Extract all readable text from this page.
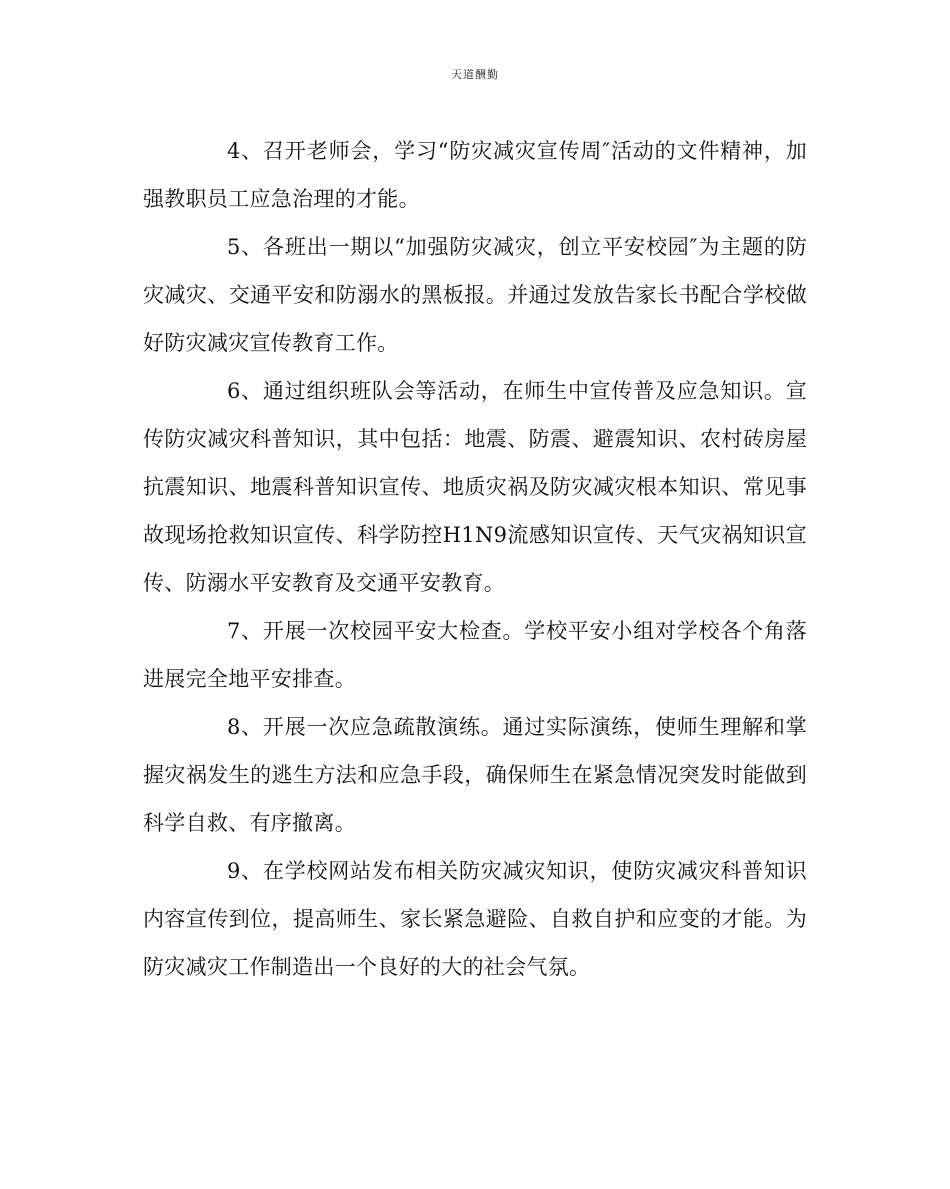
天道酬勤

4、召开老师会，学习“防灾减灾宣传周″活动的文件精神，加强教职员工应急治理的才能。

5、各班出一期以“加强防灾减灾，创立平安校园″为主题的防灾减灾、交通平安和防溺水的黑板报。并通过发放告家长书配合学校做好防灾减灾宣传教育工作。

6、通过组织班队会等活动，在师生中宣传普及应急知识。宣传防灾减灾科普知识，其中包括：地震、防震、避震知识、农村砖房屋抗震知识、地震科普知识宣传、地质灾祸及防灾减灾根本知识、常见事故现场抢救知识宣传、科学防控H1N9流感知识宣传、天气灾祸知识宣传、防溺水平安教育及交通平安教育。

7、开展一次校园平安大检查。学校平安小组对学校各个角落进展完全地平安排查。

8、开展一次应急疏散演练。通过实际演练，使师生理解和掌握灾祸发生的逃生方法和应急手段，确保师生在紧急情况突发时能做到科学自救、有序撤离。

9、在学校网站发布相关防灾减灾知识，使防灾减灾科普知识内容宣传到位，提高师生、家长紧急避险、自救自护和应变的才能。为防灾减灾工作制造出一个良好的大的社会气氛。
